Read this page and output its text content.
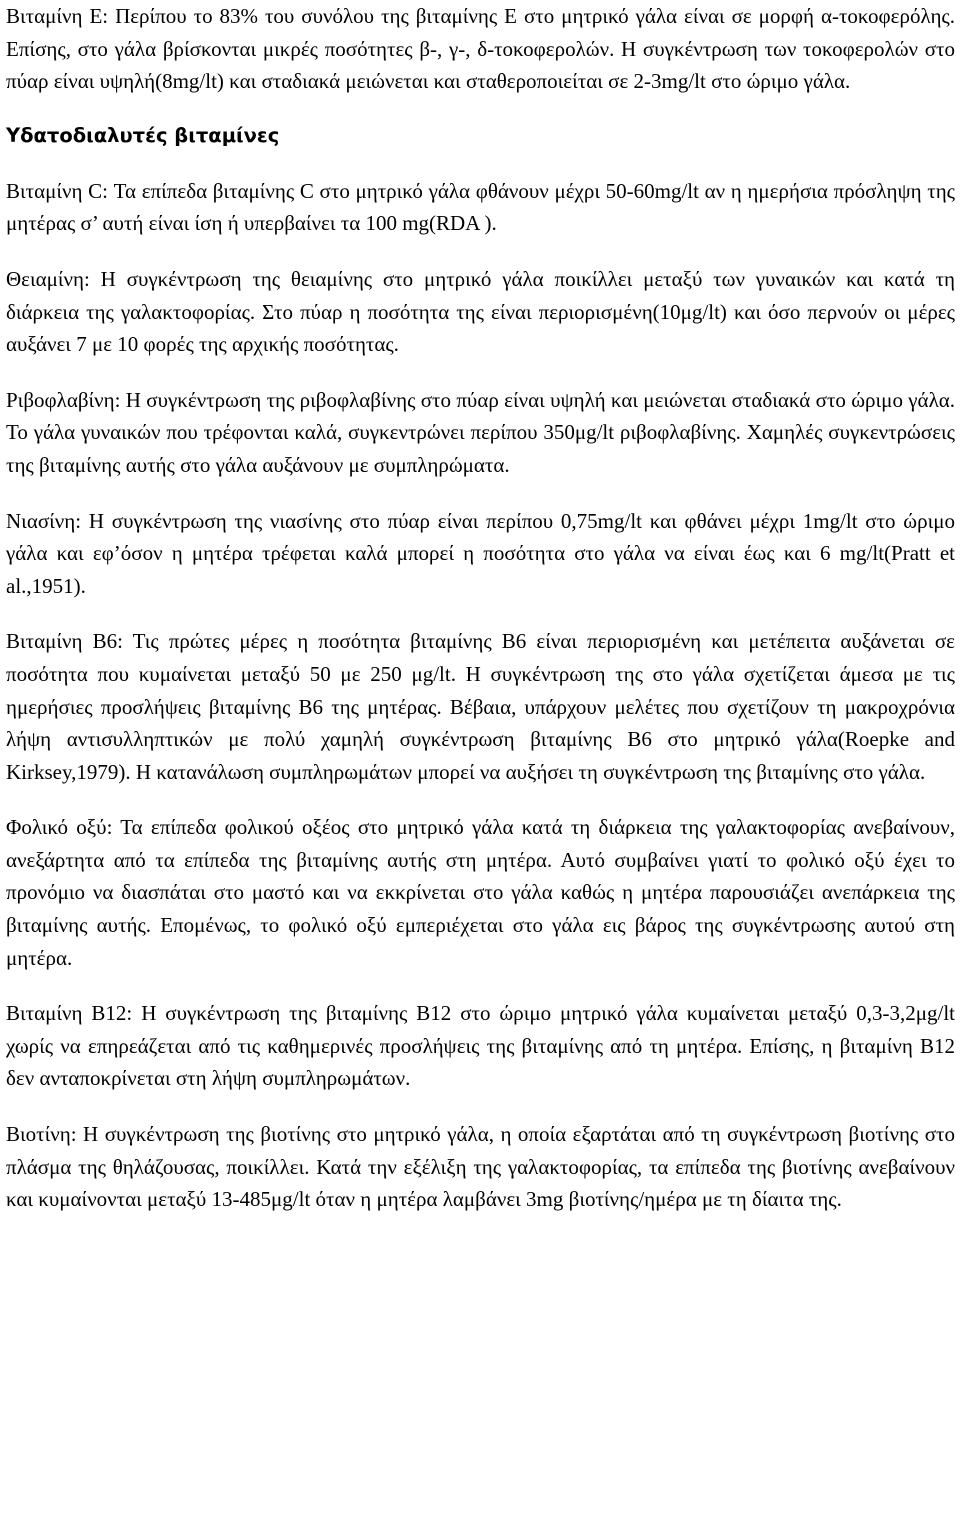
Βιταμίνη Ε: Περίπου το 83% του συνόλου της βιταμίνης Ε στο μητρικό γάλα είναι σε μορφή α-τοκοφερόλης. Επίσης, στο γάλα βρίσκονται μικρές ποσότητες β-, γ-, δ-τοκοφερολών. Η συγκέντρωση των τοκοφερολών στο πύαρ είναι υψηλή(8mg/lt) και σταδιακά μειώνεται και σταθεροποιείται σε 2-3mg/lt στο ώριμο γάλα.

Υδατοδιαλυτές βιταμίνες

Βιταμίνη C: Τα επίπεδα βιταμίνης C στο μητρικό γάλα φθάνουν μέχρι 50-60mg/lt αν η ημερήσια πρόσληψη της μητέρας σ’ αυτή είναι ίση ή υπερβαίνει τα 100 mg(RDA ).

Θειαμίνη: Η συγκέντρωση της θειαμίνης στο μητρικό γάλα ποικίλλει μεταξύ των γυναικών και κατά τη διάρκεια της γαλακτοφορίας. Στο πύαρ η ποσότητα της είναι περιορισμένη(10μg/lt) και όσο περνούν οι μέρες αυξάνει 7 με 10 φορές της αρχικής ποσότητας.

Ριβοφλαβίνη: Η συγκέντρωση της ριβοφλαβίνης στο πύαρ είναι υψηλή και μειώνεται σταδιακά στο ώριμο γάλα. Το γάλα γυναικών που τρέφονται καλά, συγκεντρώνει περίπου 350μg/lt ριβοφλαβίνης. Χαμηλές συγκεντρώσεις της βιταμίνης αυτής στο γάλα αυξάνουν με συμπληρώματα.

Νιασίνη: Η συγκέντρωση της νιασίνης στο πύαρ είναι περίπου 0,75mg/lt και φθάνει μέχρι 1mg/lt στο ώριμο γάλα και εφ’όσον η μητέρα τρέφεται καλά μπορεί η ποσότητα στο γάλα να είναι έως και 6 mg/lt(Pratt et al.,1951).

Βιταμίνη Β6: Τις πρώτες μέρες η ποσότητα βιταμίνης Β6 είναι περιορισμένη και μετέπειτα αυξάνεται σε ποσότητα που κυμαίνεται μεταξύ 50 με 250 μg/lt. Η συγκέντρωση της στο γάλα σχετίζεται άμεσα με τις ημερήσιες προσλήψεις βιταμίνης Β6 της μητέρας. Βέβαια, υπάρχουν μελέτες που σχετίζουν τη μακροχρόνια λήψη αντισυλληπτικών με πολύ χαμηλή συγκέντρωση βιταμίνης Β6 στο μητρικό γάλα(Roepke and Kirksey,1979). Η κατανάλωση συμπληρωμάτων μπορεί να αυξήσει τη συγκέντρωση της βιταμίνης στο γάλα.

Φολικό οξύ: Τα επίπεδα φολικού οξέος στο μητρικό γάλα κατά τη διάρκεια της γαλακτοφορίας ανεβαίνουν, ανεξάρτητα από τα επίπεδα της βιταμίνης αυτής στη μητέρα. Αυτό συμβαίνει γιατί το φολικό οξύ έχει το προνόμιο να διασπάται στο μαστό και να εκκρίνεται στο γάλα καθώς η μητέρα παρουσιάζει ανεπάρκεια της βιταμίνης αυτής. Επομένως, το φολικό οξύ εμπεριέχεται στο γάλα εις βάρος της συγκέντρωσης αυτού στη μητέρα.

Βιταμίνη Β12: Η συγκέντρωση της βιταμίνης Β12 στο ώριμο μητρικό γάλα κυμαίνεται μεταξύ 0,3-3,2μg/lt χωρίς να επηρεάζεται από τις καθημερινές προσλήψεις της βιταμίνης από τη μητέρα. Επίσης, η βιταμίνη Β12 δεν ανταποκρίνεται στη λήψη συμπληρωμάτων.

Βιοτίνη: Η συγκέντρωση της βιοτίνης στο μητρικό γάλα, η οποία εξαρτάται από τη συγκέντρωση βιοτίνης στο πλάσμα της θηλάζουσας, ποικίλλει. Κατά την εξέλιξη της γαλακτοφορίας, τα επίπεδα της βιοτίνης ανεβαίνουν και κυμαίνονται μεταξύ 13-485μg/lt όταν η μητέρα λαμβάνει 3mg βιοτίνης/ημέρα με τη δίαιτα της.
